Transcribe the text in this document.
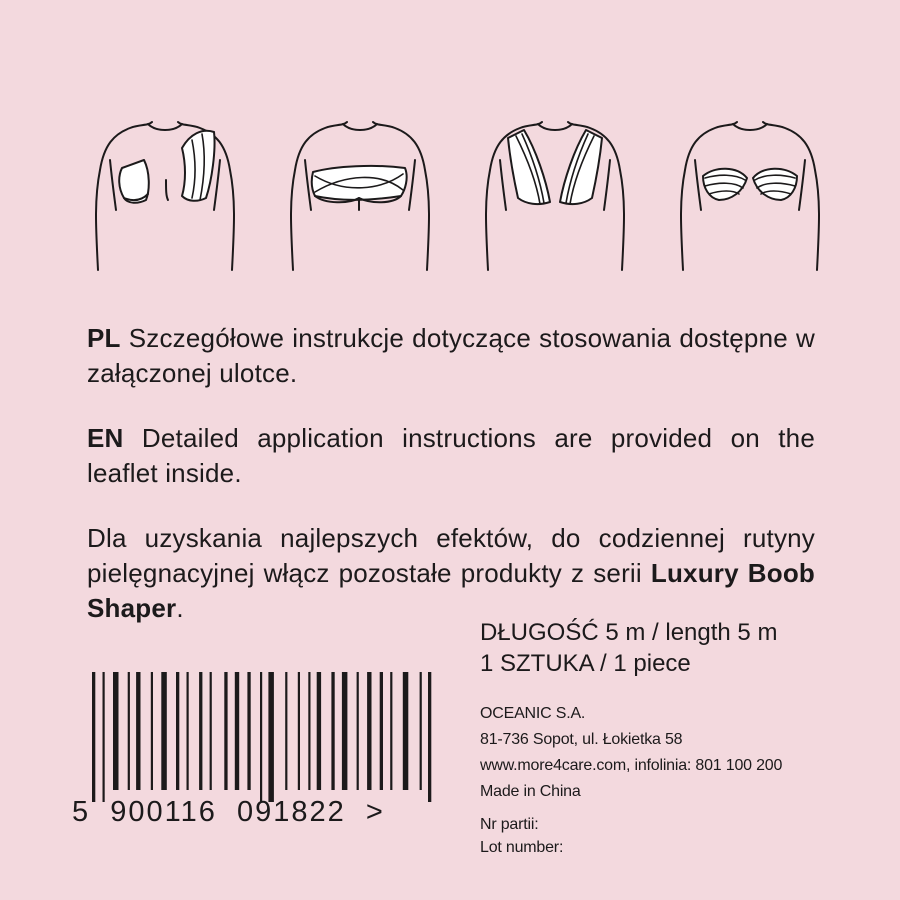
PL Szczegółowe instrukcje dotyczące stosowania dostępne w załączonej ulotce.
EN Detailed application instructions are provided on the leaflet inside.
Dla uzyskania najlepszych efektów, do codziennej rutyny pielęgnacyjnej włącz pozostałe produkty z serii Luxury Boob Shaper.
DŁUGOŚĆ 5 m / length 5 m
1 SZTUKA / 1 piece
5  900116  091822  >
OCEANIC S.A.
81-736 Sopot, ul. Łokietka 58
www.more4care.com, infolinia: 801 100 200
Made in China
Nr partii:
Lot number:
